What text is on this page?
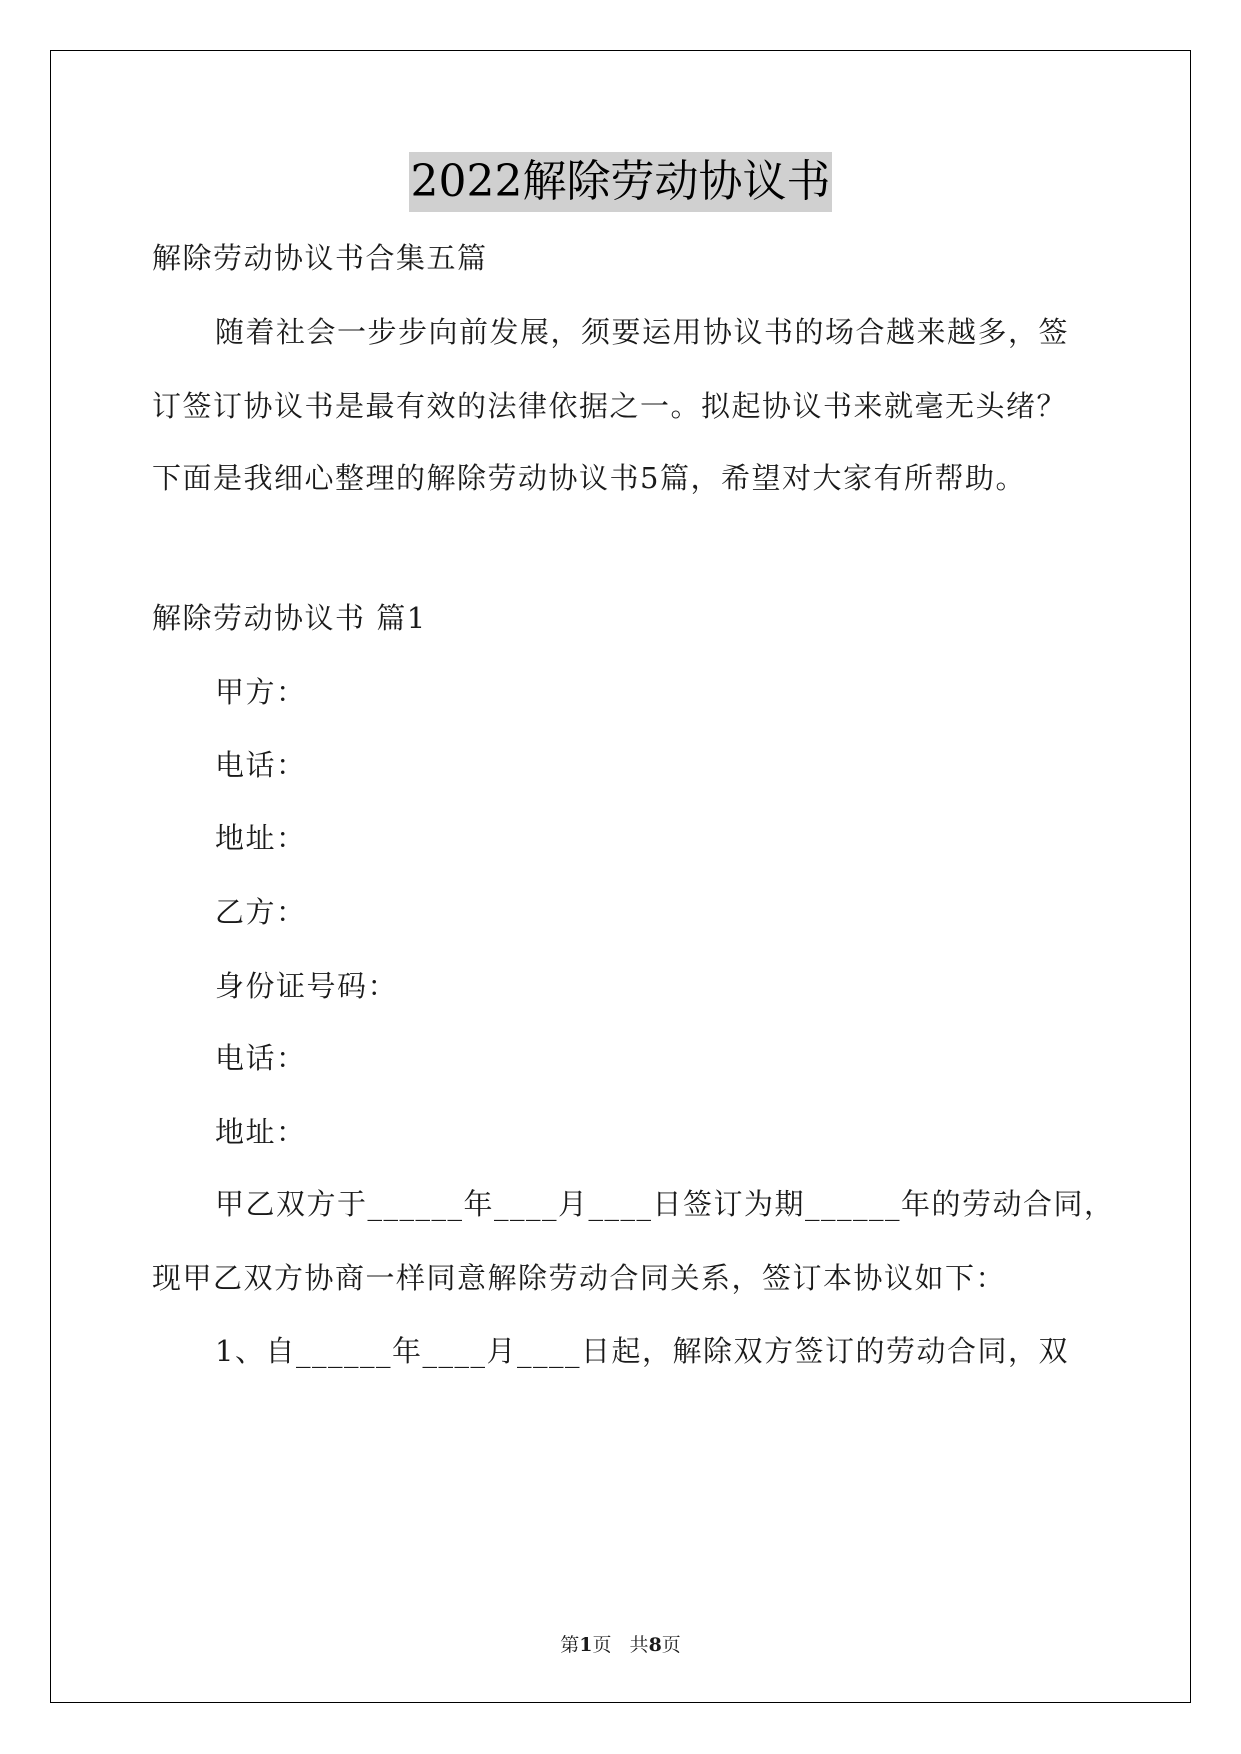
2022解除劳动协议书
解除劳动协议书合集五篇
随着社会一步步向前发展，须要运用协议书的场合越来越多，签
订签订协议书是最有效的法律依据之一。拟起协议书来就毫无头绪？
下面是我细心整理的解除劳动协议书5篇，希望对大家有所帮助。
解除劳动协议书 篇1
甲方：
电话：
地址：
乙方：
身份证号码：
电话：
地址：
甲乙双方于______年____月____日签订为期______年的劳动合同，
现甲乙双方协商一样同意解除劳动合同关系，签订本协议如下：
1、自______年____月____日起，解除双方签订的劳动合同，双
第1页   共8页
